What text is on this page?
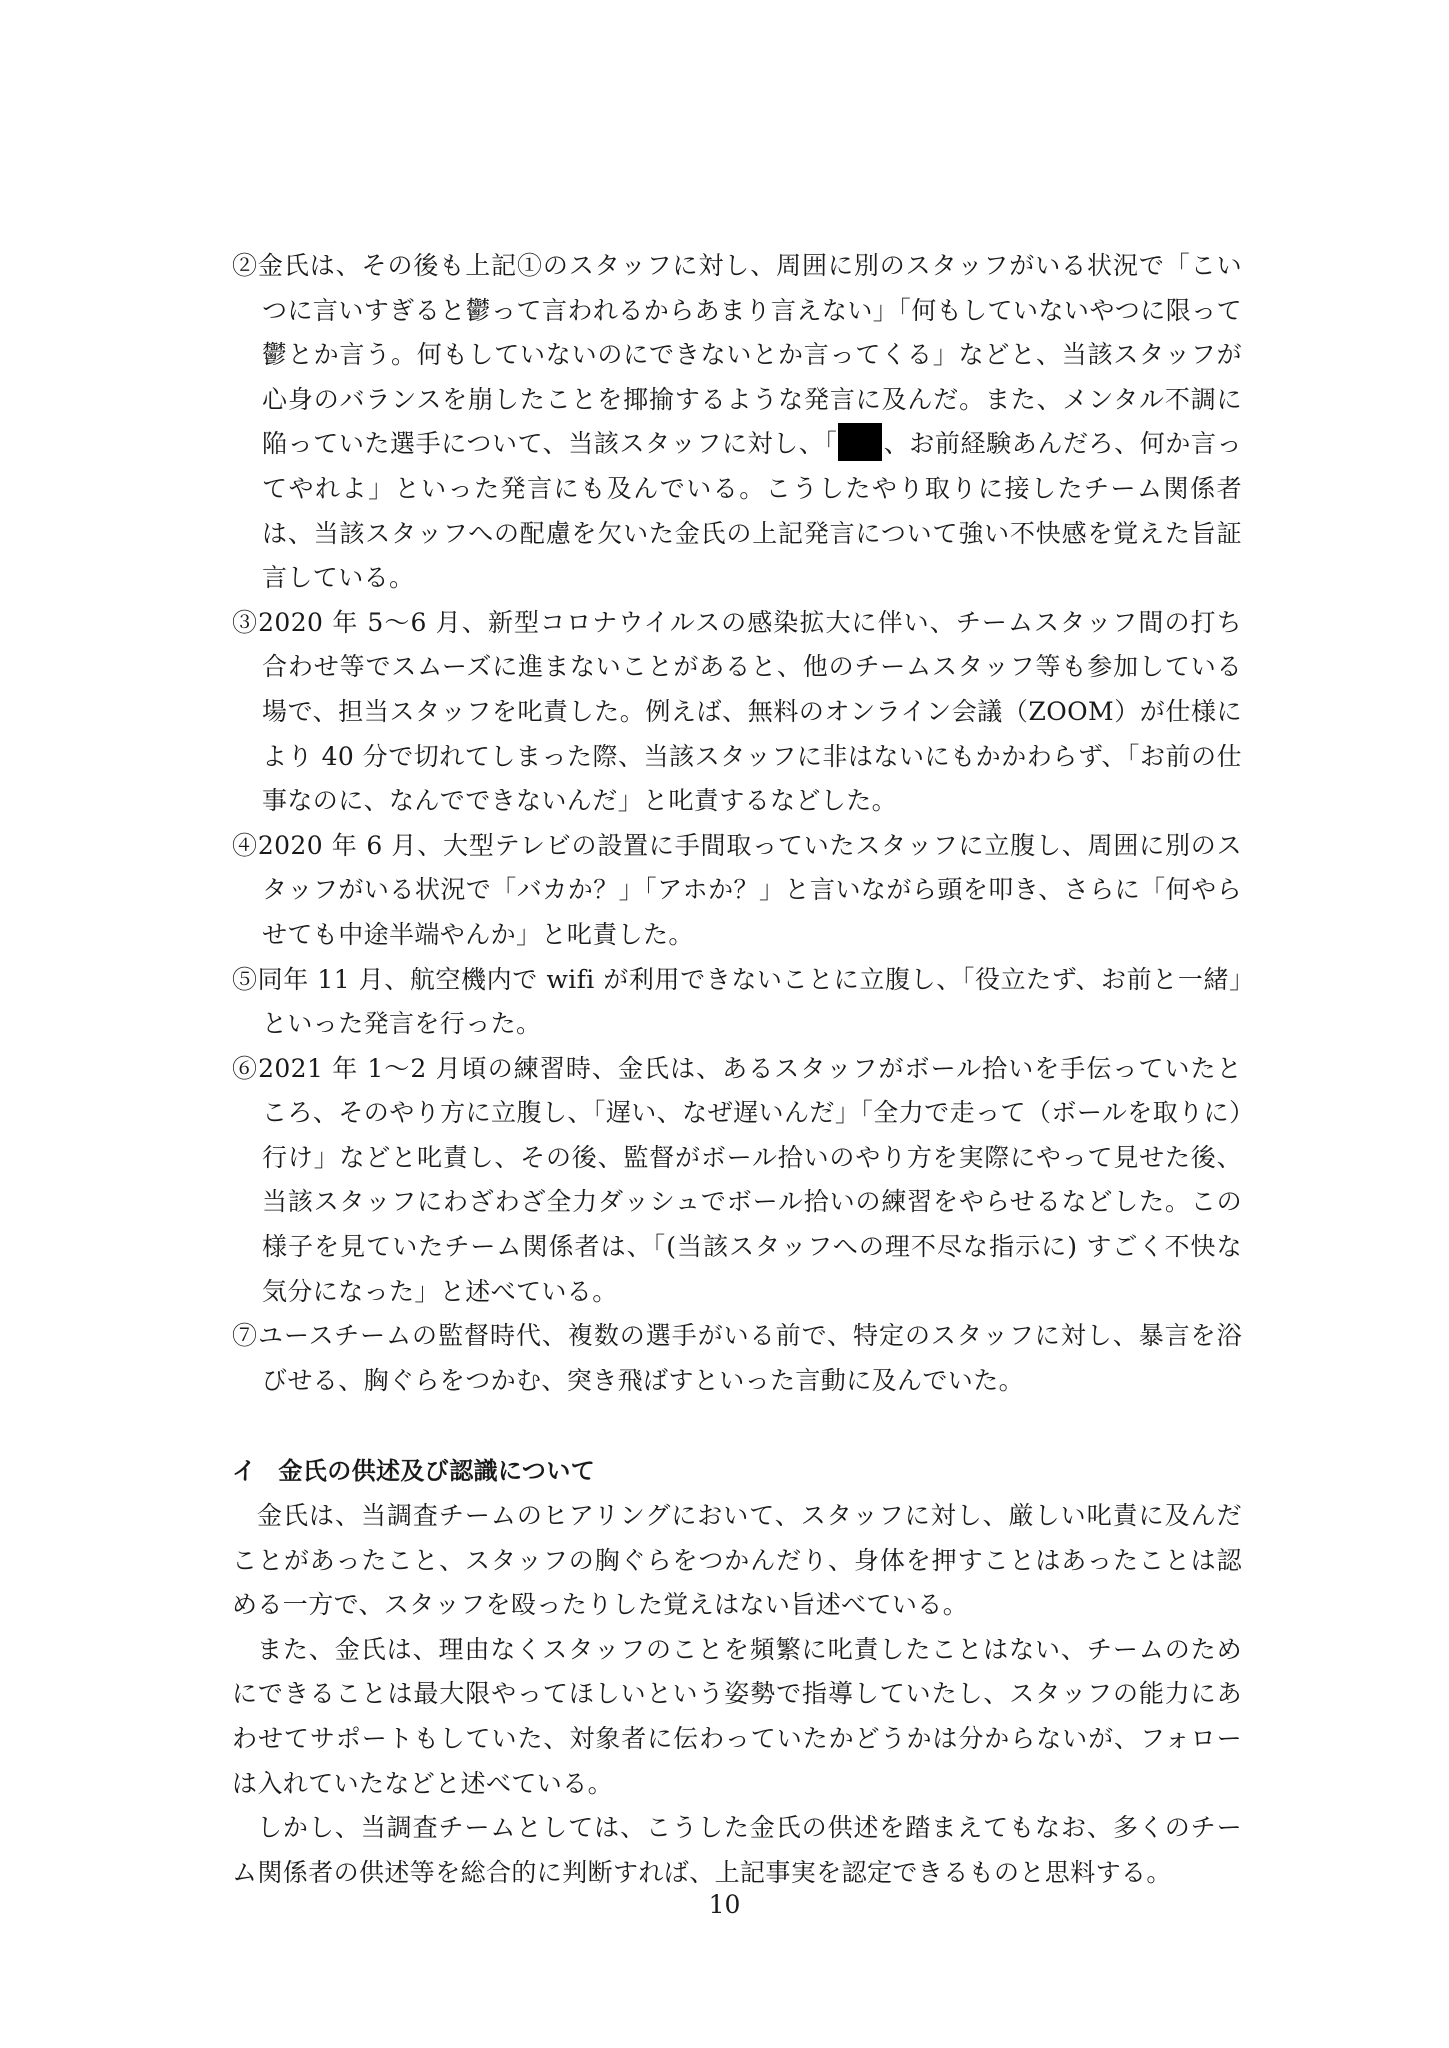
②金氏は、その後も上記①のスタッフに対し、周囲に別のスタッフがいる状況で「こいつに言いすぎると鬱って言われるからあまり言えない」「何もしていないやつに限って鬱とか言う。何もしていないのにできないとか言ってくる」などと、当該スタッフが心身のバランスを崩したことを揶揄するような発言に及んだ。また、メンタル不調に陥っていた選手について、当該スタッフに対し、「 、お前経験あんだろ、何か言ってやれよ」といった発言にも及んでいる。こうしたやり取りに接したチーム関係者は、当該スタッフへの配慮を欠いた金氏の上記発言について強い不快感を覚えた旨証言している。
③2020 年 5〜6 月、新型コロナウイルスの感染拡大に伴い、チームスタッフ間の打ち合わせ等でスムーズに進まないことがあると、他のチームスタッフ等も参加している場で、担当スタッフを叱責した。例えば、無料のオンライン会議（ZOOM）が仕様により 40 分で切れてしまった際、当該スタッフに非はないにもかかわらず、「お前の仕事なのに、なんでできないんだ」と叱責するなどした。
④2020 年 6 月、大型テレビの設置に手間取っていたスタッフに立腹し、周囲に別のスタッフがいる状況で「バカか？」「アホか？」と言いながら頭を叩き、さらに「何やらせても中途半端やんか」と叱責した。
⑤同年 11 月、航空機内で wifi が利用できないことに立腹し、「役立たず、お前と一緒」といった発言を行った。
⑥2021 年 1〜2 月頃の練習時、金氏は、あるスタッフがボール拾いを手伝っていたところ、そのやり方に立腹し、「遅い、なぜ遅いんだ」「全力で走って（ボールを取りに）行け」などと叱責し、その後、監督がボール拾いのやり方を実際にやって見せた後、当該スタッフにわざわざ全力ダッシュでボール拾いの練習をやらせるなどした。この様子を見ていたチーム関係者は、「(当該スタッフへの理不尽な指示に) すごく不快な気分になった」と述べている。
⑦ユースチームの監督時代、複数の選手がいる前で、特定のスタッフに対し、暴言を浴びせる、胸ぐらをつかむ、突き飛ばすといった言動に及んでいた。
イ 金氏の供述及び認識について
金氏は、当調査チームのヒアリングにおいて、スタッフに対し、厳しい叱責に及んだことがあったこと、スタッフの胸ぐらをつかんだり、身体を押すことはあったことは認める一方で、スタッフを殴ったりした覚えはない旨述べている。
また、金氏は、理由なくスタッフのことを頻繁に叱責したことはない、チームのためにできることは最大限やってほしいという姿勢で指導していたし、スタッフの能力にあわせてサポートもしていた、対象者に伝わっていたかどうかは分からないが、フォローは入れていたなどと述べている。
しかし、当調査チームとしては、こうした金氏の供述を踏まえてもなお、多くのチーム関係者の供述等を総合的に判断すれば、上記事実を認定できるものと思料する。
10
